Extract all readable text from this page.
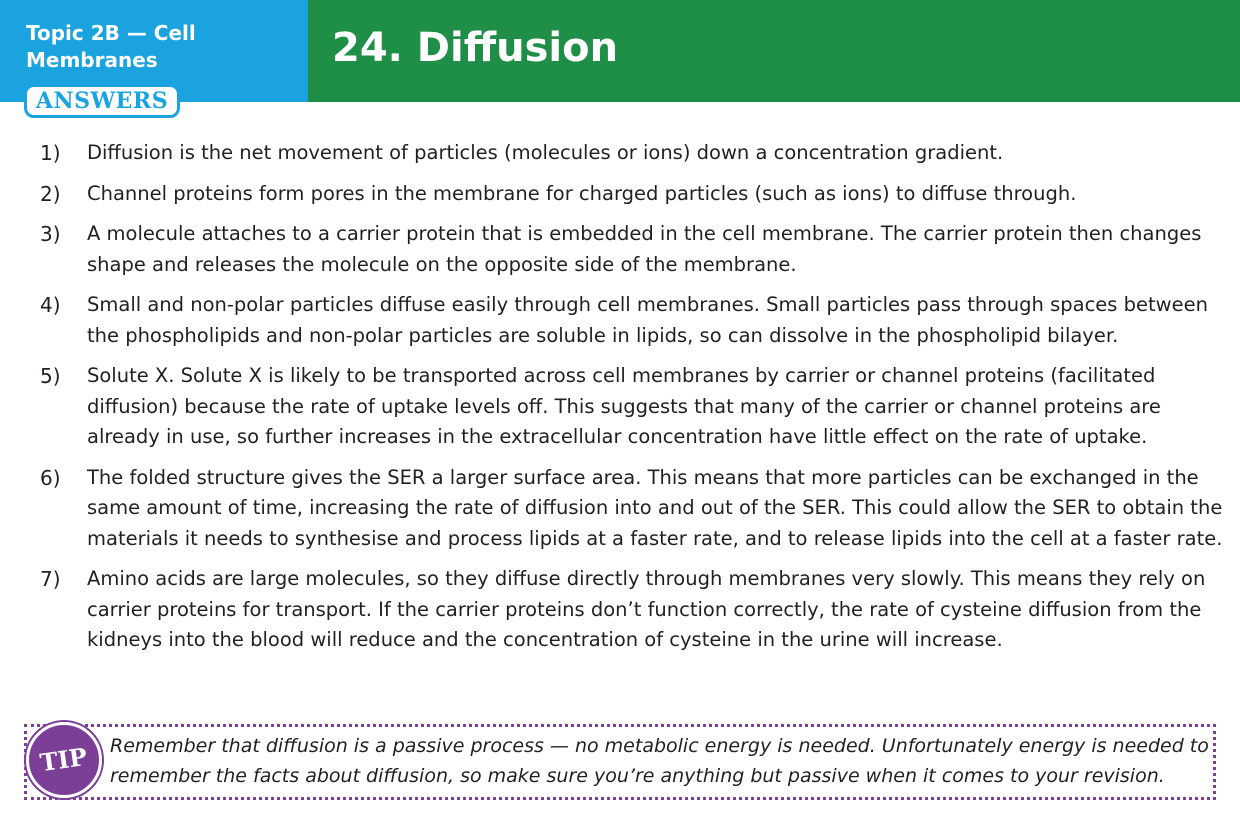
Topic 2B — Cell Membranes	24. Diffusion
ANSWERS
1)	Diffusion is the net movement of particles (molecules or ions) down a concentration gradient.
2)	Channel proteins form pores in the membrane for charged particles (such as ions) to diffuse through.
3)	A molecule attaches to a carrier protein that is embedded in the cell membrane. The carrier protein then changes shape and releases the molecule on the opposite side of the membrane.
4)	Small and non-polar particles diffuse easily through cell membranes. Small particles pass through spaces between the phospholipids and non-polar particles are soluble in lipids, so can dissolve in the phospholipid bilayer.
5)	Solute X. Solute X is likely to be transported across cell membranes by carrier or channel proteins (facilitated diffusion) because the rate of uptake levels off. This suggests that many of the carrier or channel proteins are already in use, so further increases in the extracellular concentration have little effect on the rate of uptake.
6)	The folded structure gives the SER a larger surface area. This means that more particles can be exchanged in the same amount of time, increasing the rate of diffusion into and out of the SER. This could allow the SER to obtain the materials it needs to synthesise and process lipids at a faster rate, and to release lipids into the cell at a faster rate.
7)	Amino acids are large molecules, so they diffuse directly through membranes very slowly. This means they rely on carrier proteins for transport. If the carrier proteins don’t function correctly, the rate of cysteine diffusion from the kidneys into the blood will reduce and the concentration of cysteine in the urine will increase.
TIP	Remember that diffusion is a passive process — no metabolic energy is needed. Unfortunately energy is needed to remember the facts about diffusion, so make sure you’re anything but passive when it comes to your revision.
